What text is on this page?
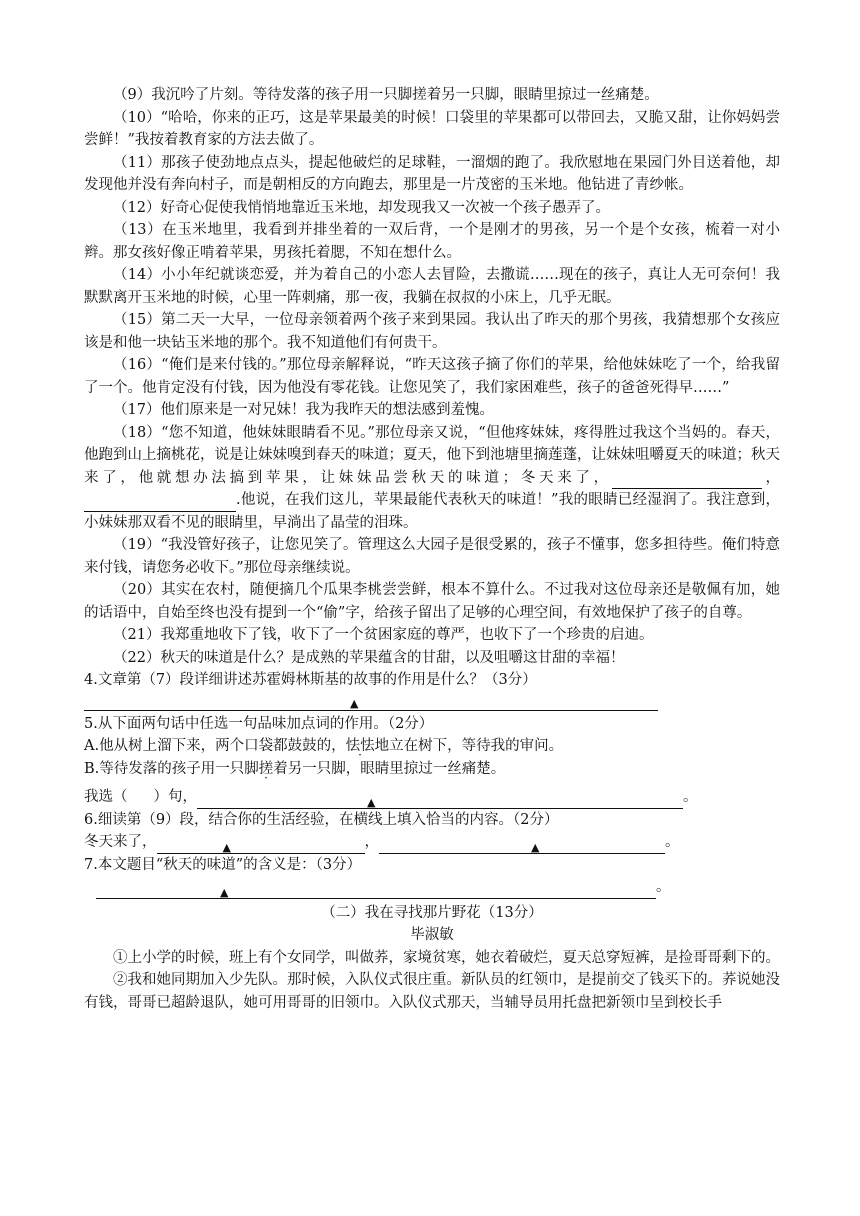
（9）我沉吟了片刻。等待发落的孩子用一只脚搓着另一只脚，眼睛里掠过一丝痛楚。

（10）“哈哈，你来的正巧，这是苹果最美的时候！口袋里的苹果都可以带回去，又脆又甜，让你妈妈尝尝鲜！”我按着教育家的方法去做了。

（11）那孩子使劲地点点头，提起他破烂的足球鞋，一溜烟的跑了。我欣慰地在果园门外目送着他，却发现他并没有奔向村子，而是朝相反的方向跑去，那里是一片茂密的玉米地。他钻进了青纱帐。

（12）好奇心促使我悄悄地靠近玉米地，却发现我又一次被一个孩子愚弄了。

（13）在玉米地里，我看到并排坐着的一双后背，一个是刚才的男孩，另一个是个女孩，梳着一对小辫。那女孩好像正啃着苹果，男孩托着腮，不知在想什么。

（14）小小年纪就谈恋爱，并为着自己的小恋人去冒险，去撒谎……现在的孩子，真让人无可奈何！我默默离开玉米地的时候，心里一阵刺痛，那一夜，我躺在叔叔的小床上，几乎无眠。

（15）第二天一大早，一位母亲领着两个孩子来到果园。我认出了昨天的那个男孩，我猜想那个女孩应该是和他一块钻玉米地的那个。我不知道他们有何贵干。

（16）“俺们是来付钱的。”那位母亲解释说，“昨天这孩子摘了你们的苹果，给他妹妹吃了一个，给我留了一个。他肯定没有付钱，因为他没有零花钱。让您见笑了，我们家困难些，孩子的爸爸死得早……”

（17）他们原来是一对兄妹！我为我昨天的想法感到羞愧。

（18）“您不知道，他妹妹眼睛看不见。”那位母亲又说，“但他疼妹妹，疼得胜过我这个当妈的。春天，他跑到山上摘桃花，说是让妹妹嗅到春天的味道；夏天，他下到池塘里摘莲蓬，让妹妹咀嚼夏天的味道；秋天来了，他就想办法搞到苹果，让妹妹品尝秋天的味道；冬天来了，	，.他说，在我们这儿，苹果最能代表秋天的味道！”我的眼睛已经湿润了。我注意到，小妹妹那双看不见的眼睛里，早淌出了晶莹的泪珠。

（19）“我没管好孩子，让您见笑了。管理这么大园子是很受累的，孩子不懂事，您多担待些。俺们特意来付钱，请您务必收下。”那位母亲继续说。

（20）其实在农村，随便摘几个瓜果李桃尝尝鲜，根本不算什么。不过我对这位母亲还是敬佩有加，她的话语中，自始至终也没有提到一个“偷”字，给孩子留出了足够的心理空间，有效地保护了孩子的自尊。

（21）我郑重地收下了钱，收下了一个贫困家庭的尊严，也收下了一个珍贵的启迪。

（22）秋天的味道是什么？是成熟的苹果蕴含的甘甜，以及咀嚼这甘甜的幸福！

4.文章第（7）段详细讲述苏霍姆林斯基的故事的作用是什么？（3分）

▲

5.从下面两句话中任选一句品味加点词的作用。（2分）

A.他从树上溜下来，两个口袋都鼓鼓的，怯怯地立在树下，等待我的审问。

B.等待发落的孩子用一只脚搓着另一只脚，眼睛里掠过一丝痛楚。

我选（ ）句，	▲	。

6.细读第（9）段，结合你的生活经验，在横线上填入恰当的内容。（2分）

冬天来了，	▲	，	▲	。

7.本文题目“秋天的味道”的含义是：（3分）

▲	。

（二）我在寻找那片野花（13分）

毕淑敏

①上小学的时候，班上有个女同学，叫做荞，家境贫寒，她衣着破烂，夏天总穿短裤，是捡哥哥剩下的。

②我和她同期加入少先队。那时候，入队仪式很庄重。新队员的红领巾，是提前交了钱买下的。荞说她没有钱，哥哥已超龄退队，她可用哥哥的旧领巾。入队仪式那天，当辅导员用托盘把新领巾呈到校长手
